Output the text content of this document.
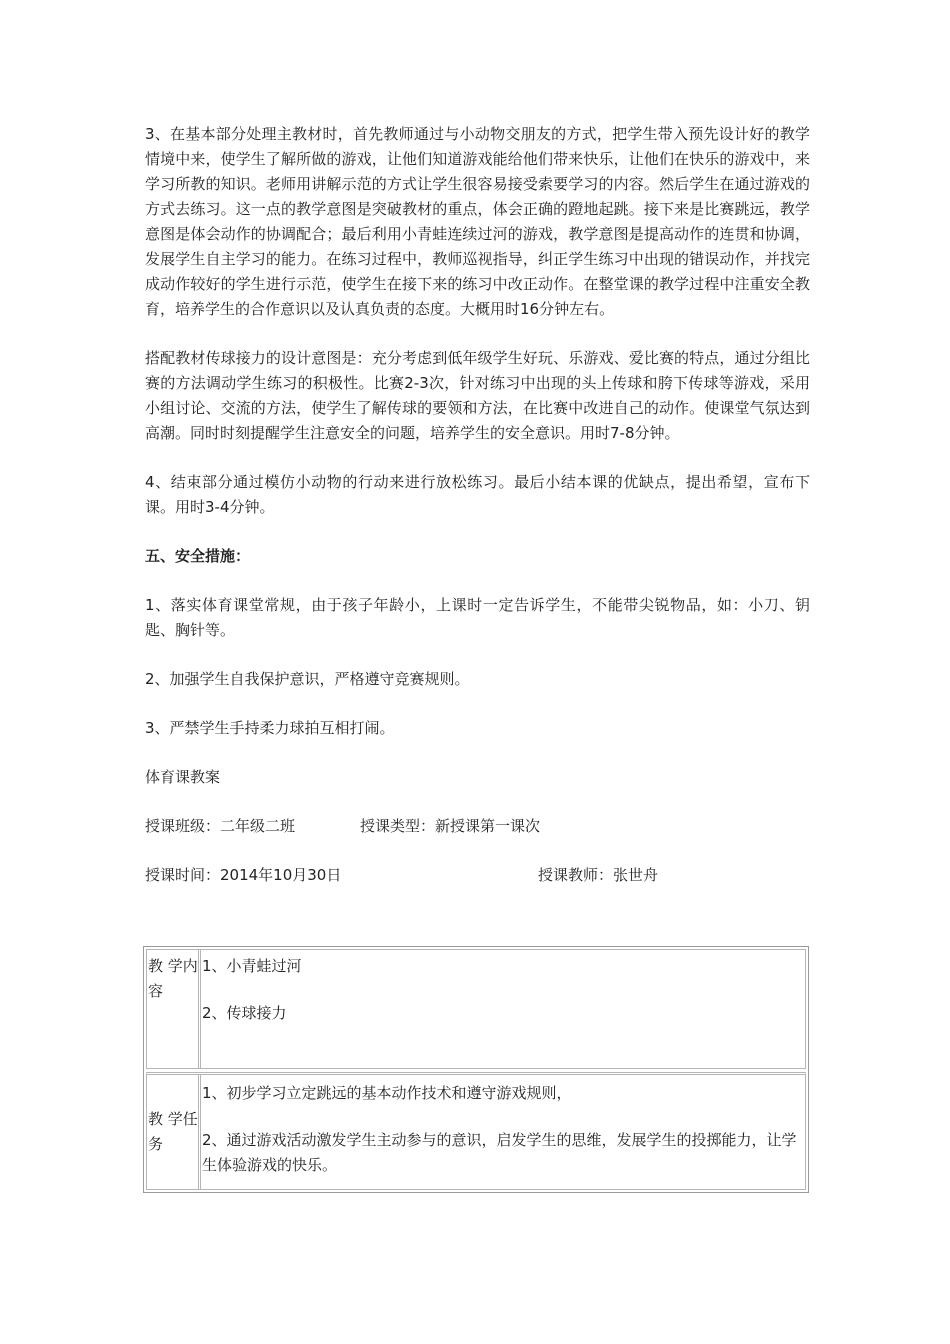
3、在基本部分处理主教材时，首先教师通过与小动物交朋友的方式，把学生带入预先设计好的教学情境中来，使学生了解所做的游戏，让他们知道游戏能给他们带来快乐，让他们在快乐的游戏中，来学习所教的知识。老师用讲解示范的方式让学生很容易接受索要学习的内容。然后学生在通过游戏的方式去练习。这一点的教学意图是突破教材的重点，体会正确的蹬地起跳。接下来是比赛跳远，教学意图是体会动作的协调配合；最后利用小青蛙连续过河的游戏，教学意图是提高动作的连贯和协调，发展学生自主学习的能力。在练习过程中，教师巡视指导，纠正学生练习中出现的错误动作，并找完成动作较好的学生进行示范，使学生在接下来的练习中改正动作。在整堂课的教学过程中注重安全教育，培养学生的合作意识以及认真负责的态度。大概用时16分钟左右。

搭配教材传球接力的设计意图是：充分考虑到低年级学生好玩、乐游戏、爱比赛的特点，通过分组比赛的方法调动学生练习的积极性。比赛2-3次，针对练习中出现的头上传球和胯下传球等游戏，采用小组讨论、交流的方法，使学生了解传球的要领和方法，在比赛中改进自己的动作。使课堂气氛达到高潮。同时时刻提醒学生注意安全的问题，培养学生的安全意识。用时7-8分钟。

4、结束部分通过模仿小动物的行动来进行放松练习。最后小结本课的优缺点，提出希望，宣布下课。用时3-4分钟。

五、安全措施：

1、落实体育课堂常规，由于孩子年龄小，上课时一定告诉学生，不能带尖锐物品，如：小刀、钥匙、胸针等。

2、加强学生自我保护意识，严格遵守竞赛规则。

3、严禁学生手持柔力球拍互相打闹。

体育课教案

授课班级：二年级二班	授课类型：新授课第一课次
授课时间：2014年10月30日	授课教师：张世舟
教 学内容
1、小青蛙过河
2、传球接力
教 学任务
1、初步学习立定跳远的基本动作技术和遵守游戏规则，
2、通过游戏活动激发学生主动参与的意识，启发学生的思维，发展学生的投掷能力，让学生体验游戏的快乐。
